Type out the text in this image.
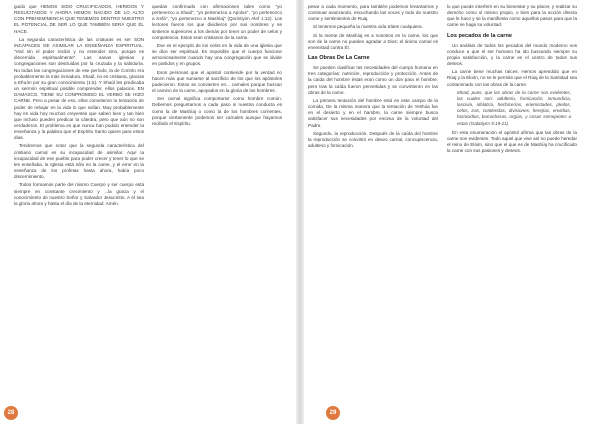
guido que HEMOS SIDO CRUCIFICADOS, HERIDOS Y RESUCITADOS Y AHORA HEMOS NACIDO DE LO ALTO CON PREHEMINENCIA QUE TENEMOS DENTRO NUESTRO EL POTENCIAL DE SER LO QUE TAMBIÉN SERÁ QUE ÉL HACE.

La segunda característica de las criaturas es ser SON INCAPACES DE ASIMILAR LA ENSEÑANZA ESPIRITUAL. "Ved sin el poder recibir y no entender sino, porque es discernida espiritualmente". Las sanas iglesias y congregaciones son destruidas por la cruzada y la sabiduría. No todas las congregaciones de ese período, la de Corinto era probablemente la más inmadura. Shaúl, no es cristiana, gracias a Efraím por su gran conocimiento (1:5). Y Shaúl les predicaba un sermón espiritual posible comprender, ellos palacios. EN DAMASCO. TIENE SU CONPROMISO EL VERBO SE HIZO CARNE. Pero a pesar de eso, ellos cometieron la tentación de poder de rebajar en la vida lo que solían. Muy probablemente hay en vida hoy muchos creyentes que saben bien y tan bien que incluso pueden predicar la cátedra, pero que aún no son verdaderos. El problema es que nunca han podido entender la enseñanza y la palabra que el Espíritu Santo quiere para estos días.

Tendremos que notar que la segunda característica del cristiano carnal es su incapacidad de asimilar. Aquí la incapacidad de ese pueblo para poder crecer y tener lo que se les enseñaba, la Iglesia está sólo en la carne, y el error en la enseñanza de los profetas hasta ahora, había poco discernimiento.

Todos formamos parte del mismo Cuerpo y ser cuerpo está siempre en constante crecimiento y ...la gracia y el conocimiento de nuestro Señor y Salvador Jesucristo. A él sea la gloria ahora y hasta el día de la eternidad. Amén.

quedan confirmado con afirmaciones tales como "yo pertenezco a Shaúl", "yo pertenezco a Apolos", "yo pertenezco a Kefá", "yo pertenezco a Mashíaj" (Qorintiyim Alef 1:12). Los lectores fueron los que dividieron por sus nombres y se sintieron superiores a los demás por tener un poder de celos y competencia. Estos eran cristianos de la carne.

Ese es el ejemplo de los celos en la vida de una iglesia que se dice ser espiritual. Es imposible que el cuerpo funcione armoniosamente cuando hay una congregación que se divide en partidos y en grupos.

Esos personas que el apóstol contiende por la verdad no hacen más que sumarse al sacrificio de los que los apóstoles padecieron. Estos se convierten en... carnales porque buscan el camino de la carne, apoyados en la gloria de los hombres.

Ser carnal significa comportarse como hombre común. Debemos preguntarnos a cada paso si nuestra conducta es como la de Mashíaj o como la de los hombres corrientes, porque ciertamente podemos ser carnales aunque hayamos recibido el Espíritu.

28

pesar a cada momento, para también podemos levantarnos y continuar avanzando, escuchando las voces y todo de nuestro carne y sentimientos de Ruaj.

Si tenemos pequeña la nuestra vida trátes cualquiera.

Si la mente de Mashíaj es a nosotros en la carne, los que son de la carne no pueden agradar a Dios; el ánimo carnal es enemistad contra Él.

Las Obras De La Carne

Se pueden clasificar las necesidades del cuerpo humano en tres categorías: nutrición, reproducción y protección. Antes de la caída del hombre éstas eran como un don para el hombre, pero tras la caída fueron pervertidas y se convirtieron en las obras de la carne.

La primera tentación del hombre está en este campo de la comida. De la misma manera que la tentación de Yeshúa fue en el desierto y en el hambre, la carne siempre busca satisfacer sus necesidades por encima de la voluntad del Padre.

Segundo, la reproducción. Después de la caída del hombre la reproducción se convirtió en deseo carnal, concupiscencia, adulterio y fornicación.

lo que puede interferir en su bienestar y su placer, y realizar su derecho como sí mismo propio, o bien para la acción directa que le hace y se la manifiesta como aquellos pasos para que la carne se haga su voluntad.

Los pecados de la carne

Un análisis de todos los pecados del mundo moderno nos conduce a que el ser humano ha ido buscando siempre su propia satisfacción, y la carne es el centro de todos sus deseos.

La carne tiene muchas raíces. Hemos aprendido que en Rúaj y la Eloim, no se le permite que el Rúaj de la Santidad sea contaminado con las obras de la carne.

Mirad, pues, que las obras de la carne son evidentes, las cuales son: adulterio, fornicación, inmundicia, lascivia, idolatría, hechicerías, enemistades, pleitos, celos, iras, contiendas, divisiones, herejías, envidias, homicidios, borracheras, orgías, y cosas semejantes a estas (Galatiyim 5:19-21)

En esta enumeración el apóstol afirma que las obras de la carne son evidentes. Todo aquel que vive así no puede heredar el reino de Eloim, sino que el que es de Mashíaj ha crucificado la carne con sus pasiones y deseos.

29
